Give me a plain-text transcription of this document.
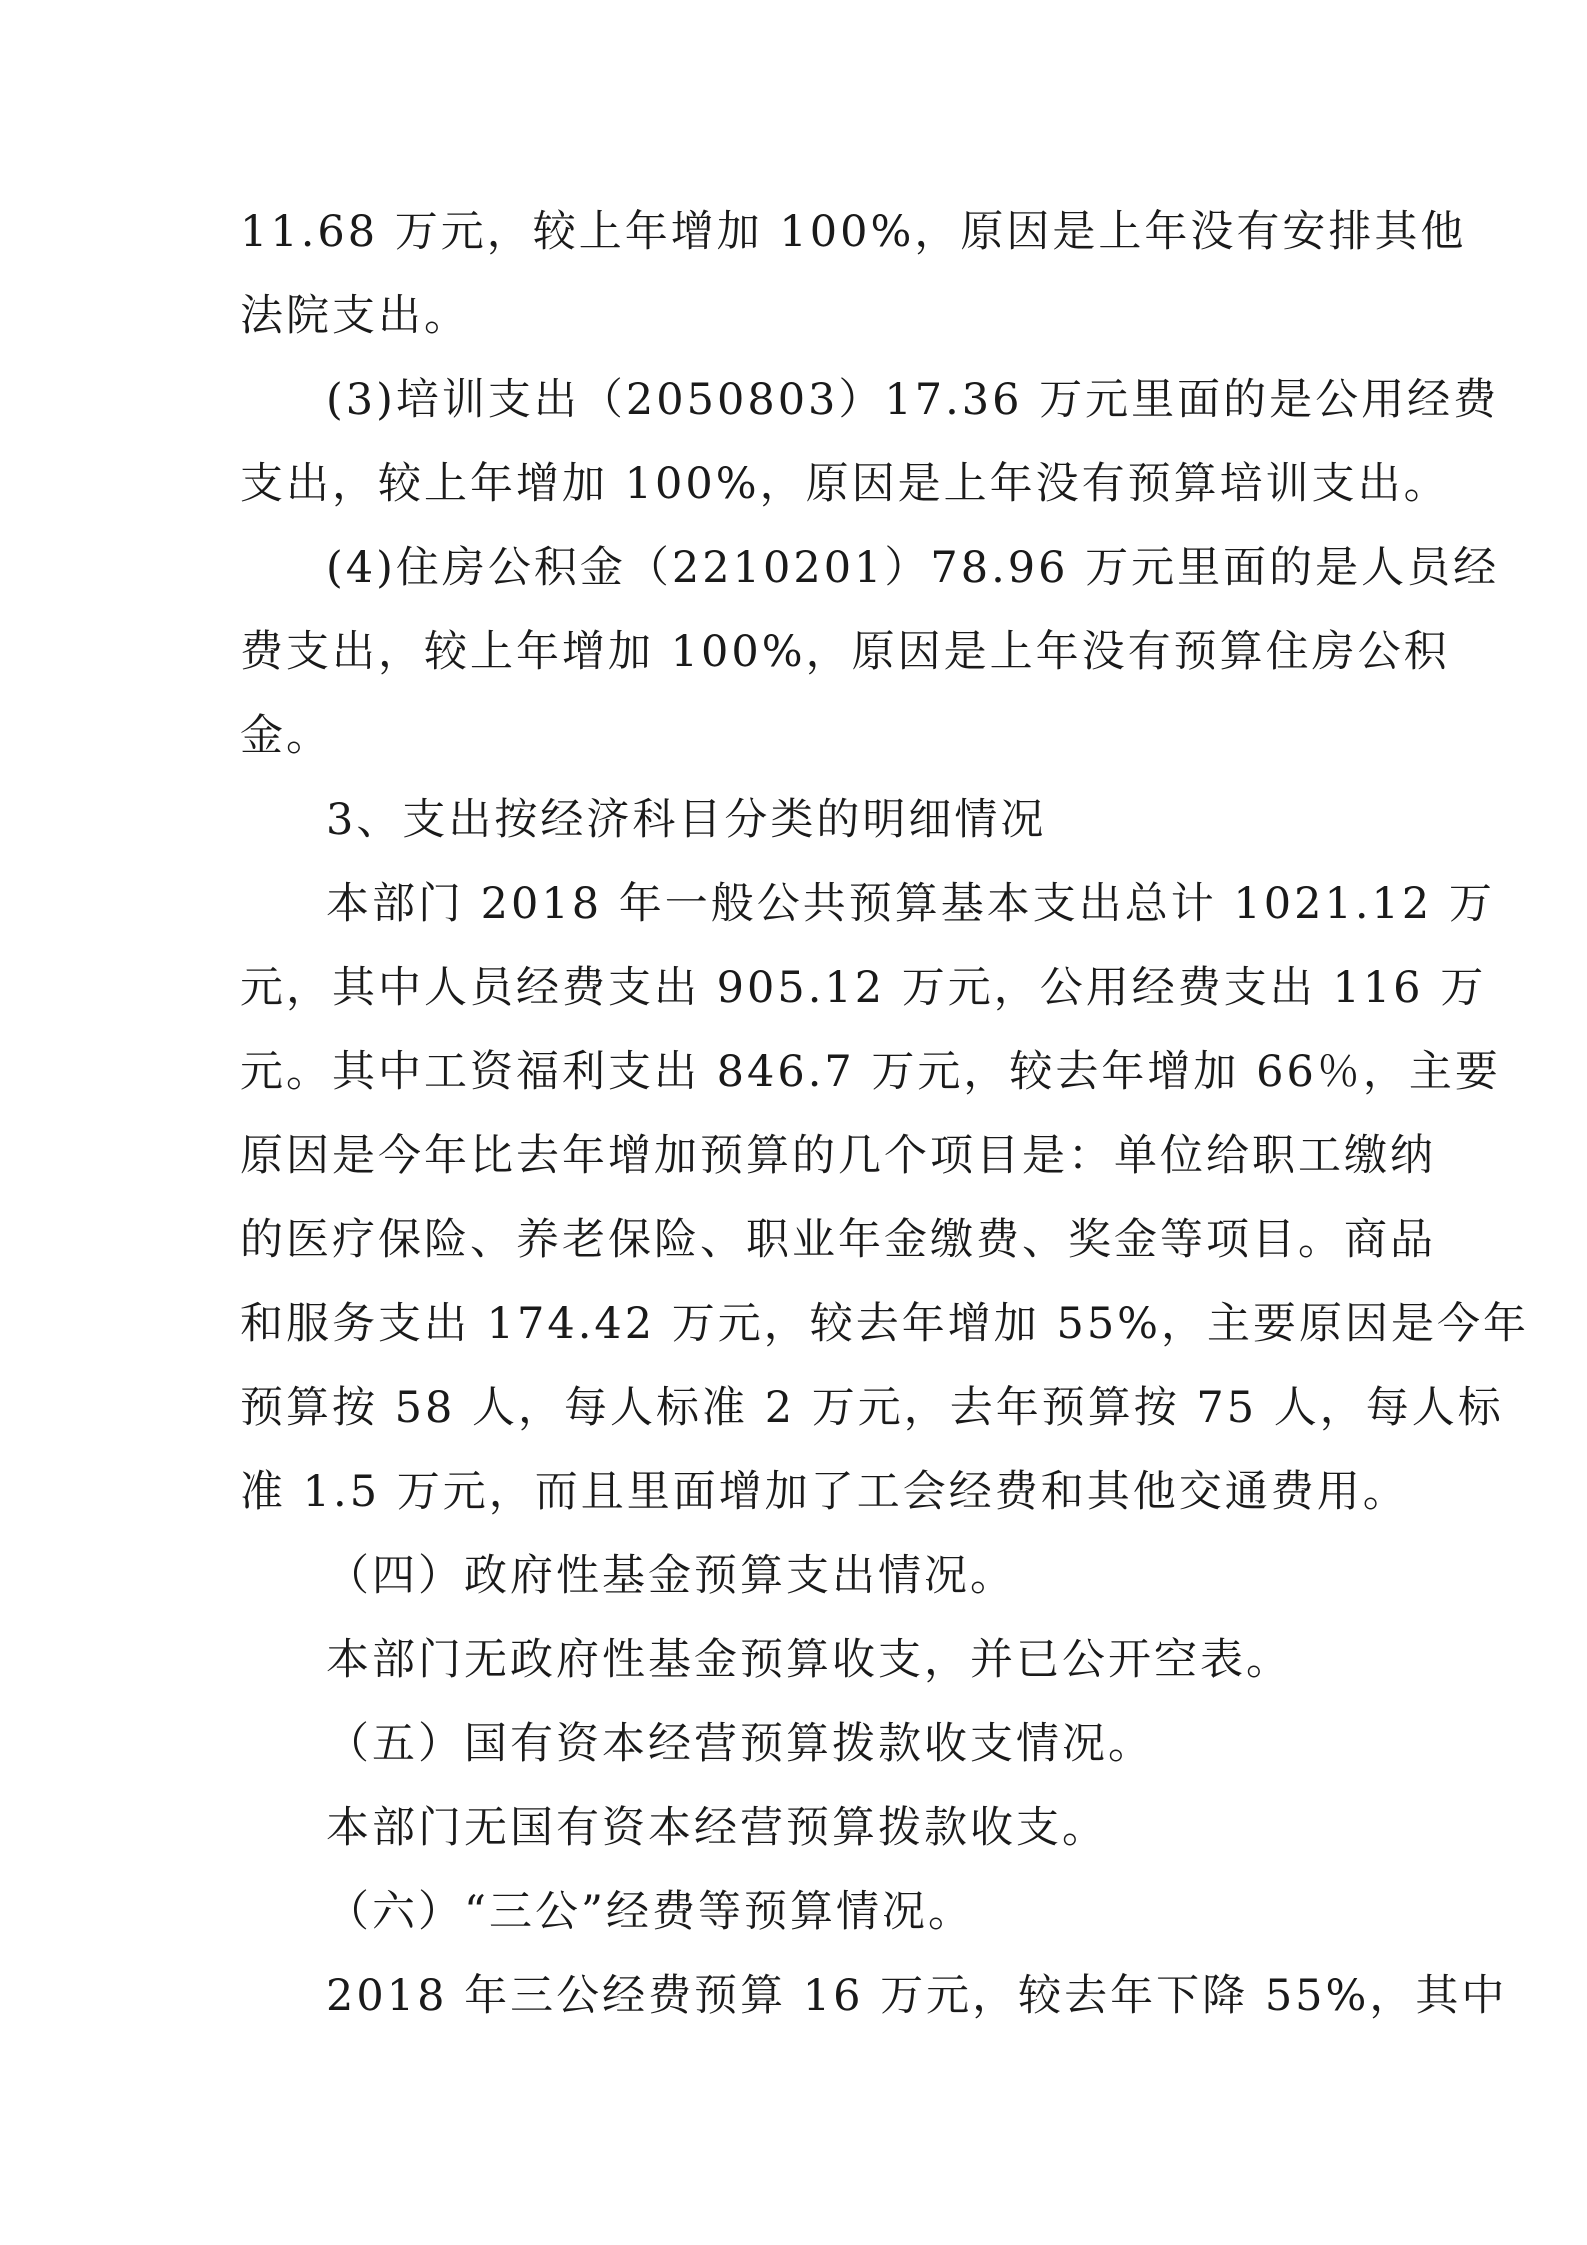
11.68 万元，较上年增加 100%，原因是上年没有安排其他
法院支出。
(3)培训支出（2050803）17.36 万元里面的是公用经费
支出，较上年增加 100%，原因是上年没有预算培训支出。
(4)住房公积金（2210201）78.96 万元里面的是人员经
费支出，较上年增加 100%，原因是上年没有预算住房公积
金。
3、支出按经济科目分类的明细情况
本部门 2018 年一般公共预算基本支出总计 1021.12 万
元，其中人员经费支出 905.12 万元，公用经费支出 116 万
元。其中工资福利支出 846.7 万元，较去年增加 66％，主要
原因是今年比去年增加预算的几个项目是：单位给职工缴纳
的医疗保险、养老保险、职业年金缴费、奖金等项目。商品
和服务支出 174.42 万元，较去年增加 55%，主要原因是今年
预算按 58 人，每人标准 2 万元，去年预算按 75 人，每人标
准 1.5 万元，而且里面增加了工会经费和其他交通费用。
（四）政府性基金预算支出情况。
本部门无政府性基金预算收支，并已公开空表。
（五）国有资本经营预算拨款收支情况。
本部门无国有资本经营预算拨款收支。
（六）“三公”经费等预算情况。
2018 年三公经费预算 16 万元，较去年下降 55%，其中
